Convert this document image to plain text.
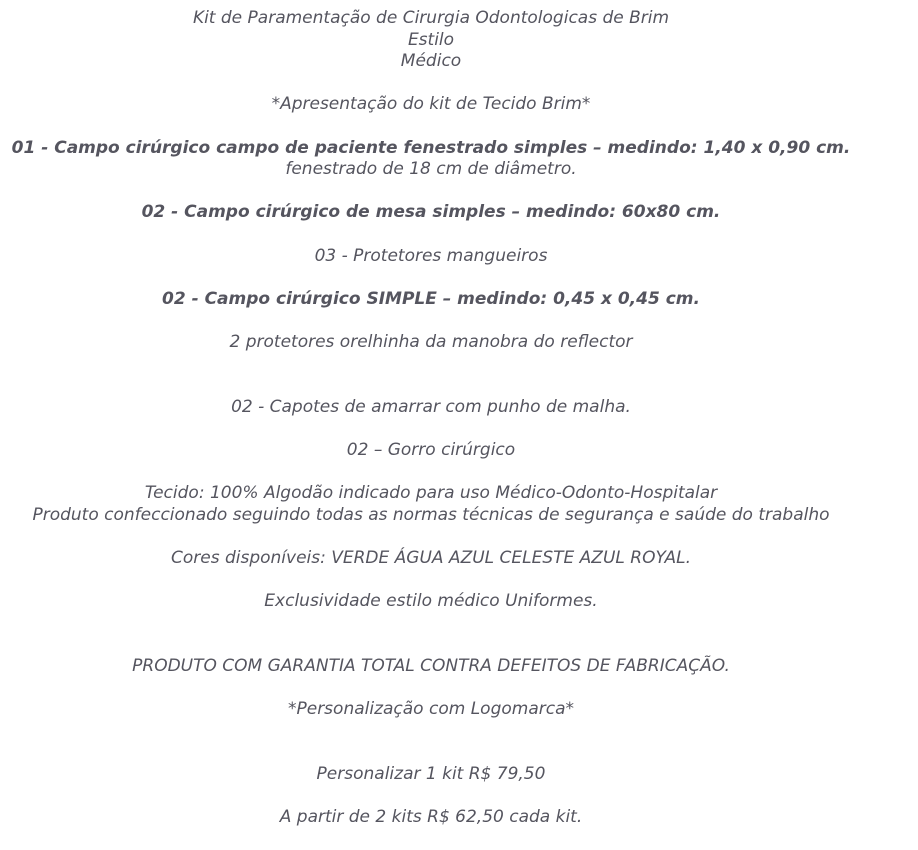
Kit de Paramentação de Cirurgia Odontologicas de Brim

Estilo

Médico

*Apresentação do kit de Tecido Brim*

01 - Campo cirúrgico campo de paciente fenestrado simples – medindo: 1,40 x 0,90 cm.

fenestrado de 18 cm de diâmetro.

02 - Campo cirúrgico de mesa simples – medindo: 60x80 cm.

03 - Protetores mangueiros

02 - Campo cirúrgico SIMPLE – medindo: 0,45 x 0,45 cm.

2 protetores orelhinha da manobra do reflector

02 - Capotes de amarrar com punho de malha.

02 – Gorro cirúrgico

Tecido: 100% Algodão indicado para uso Médico-Odonto-Hospitalar

Produto confeccionado seguindo todas as normas técnicas de segurança e saúde do trabalho

Cores disponíveis: VERDE ÁGUA AZUL CELESTE AZUL ROYAL.

Exclusividade estilo médico Uniformes.

PRODUTO COM GARANTIA TOTAL CONTRA DEFEITOS DE FABRICAÇÃO.

*Personalização com Logomarca*

Personalizar 1 kit R$ 79,50

A partir de 2 kits R$ 62,50 cada kit.
